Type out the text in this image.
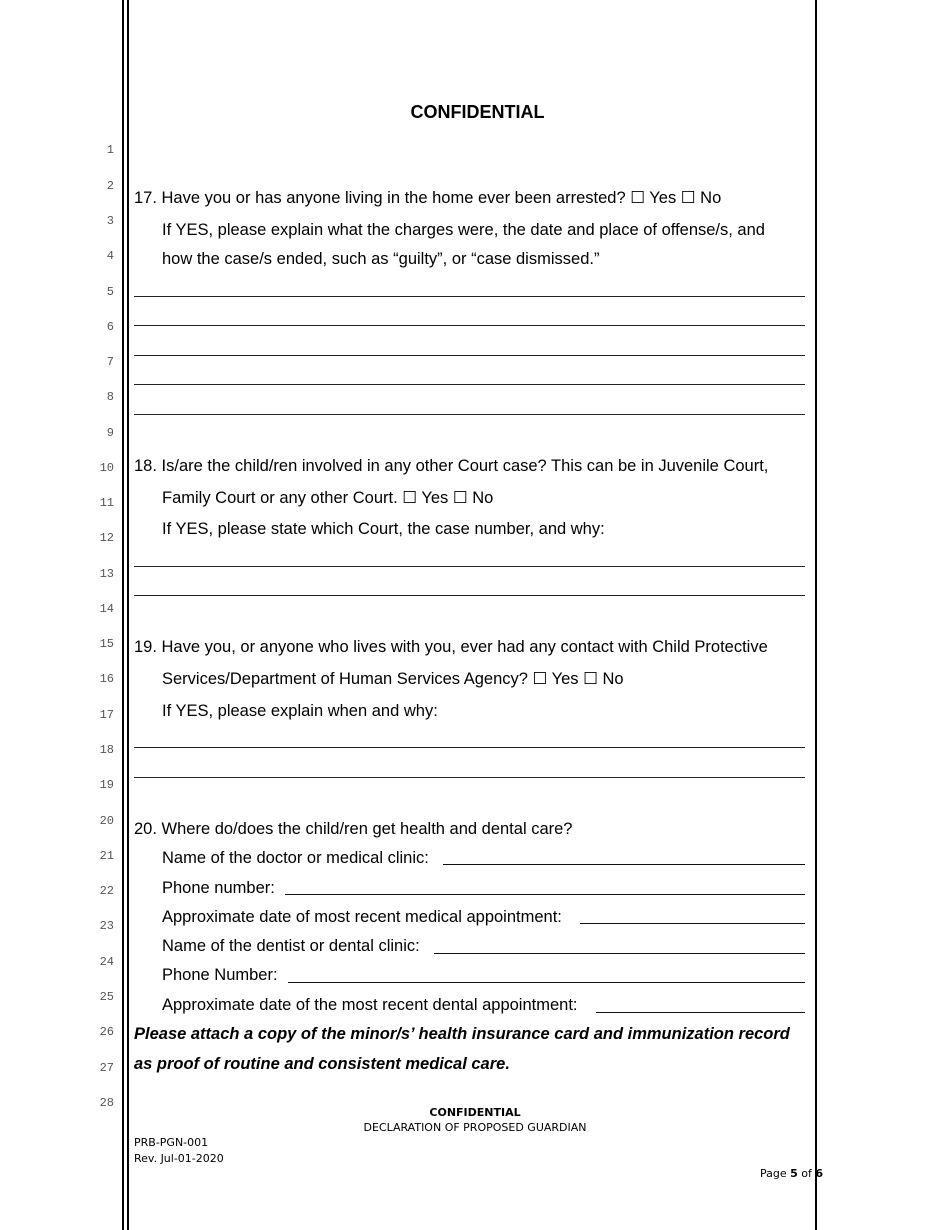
1
2
3
4
5
6
7
8
9
10
11
12
13
14
15
16
17
18
19
20
21
22
23
24
25
26
27
28
CONFIDENTIAL
17. Have you or has anyone living in the home ever been arrested? ☐ Yes ☐ No
If YES, please explain what the charges were, the date and place of offense/s, and
how the case/s ended, such as “guilty”, or “case dismissed.”
18. Is/are the child/ren involved in any other Court case? This can be in Juvenile Court,
Family Court or any other Court. ☐ Yes ☐ No
If YES, please state which Court, the case number, and why:
19. Have you, or anyone who lives with you, ever had any contact with Child Protective
Services/Department of Human Services Agency? ☐ Yes ☐ No
If YES, please explain when and why:
20. Where do/does the child/ren get health and dental care?
Name of the doctor or medical clinic:
Phone number:
Approximate date of most recent medical appointment:
Name of the dentist or dental clinic:
Phone Number:
Approximate date of the most recent dental appointment:
Please attach a copy of the minor/s’ health insurance card and immunization record
as proof of routine and consistent medical care.
CONFIDENTIAL
DECLARATION OF PROPOSED GUARDIAN
PRB-PGN-001
Rev. Jul-01-2020
Page 5 of 6
